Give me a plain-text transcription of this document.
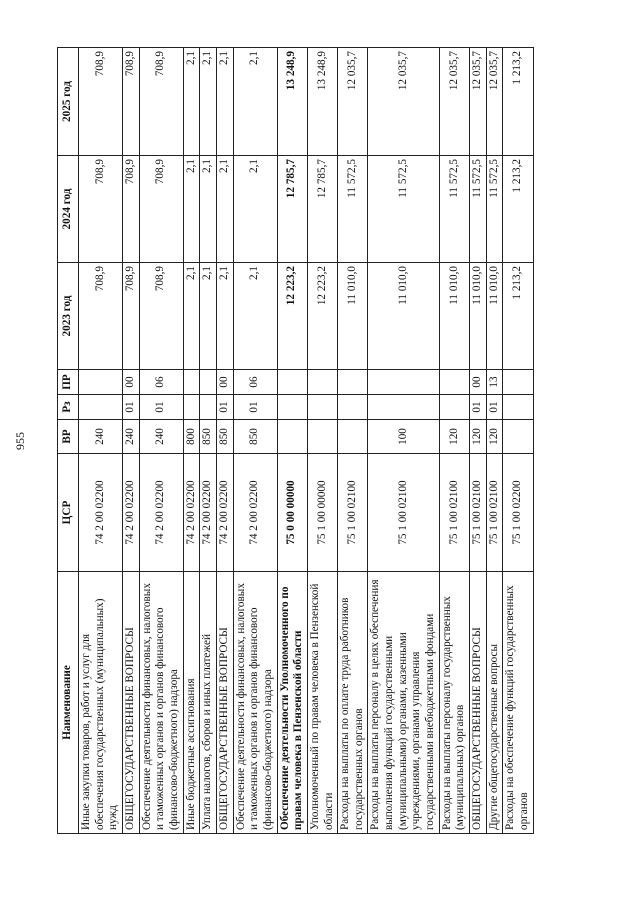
955
Наименование	ЦСР	ВР	Рз	ПР	2023 год	2024 год	2025 год
Иные закупки товаров, работ и услуг для обеспечения государственных (муниципальных) нужд	74 2 00 02200	240			708,9	708,9	708,9
ОБЩЕГОСУДАРСТВЕННЫЕ ВОПРОСЫ	74 2 00 02200	240	01	00	708,9	708,9	708,9
Обеспечение деятельности финансовых, налоговых и таможенных органов и органов финансового (финансово-бюджетного) надзора	74 2 00 02200	240	01	06	708,9	708,9	708,9
Иные бюджетные ассигнования	74 2 00 02200	800			2,1	2,1	2,1
Уплата налогов, сборов и иных платежей	74 2 00 02200	850			2,1	2,1	2,1
ОБЩЕГОСУДАРСТВЕННЫЕ ВОПРОСЫ	74 2 00 02200	850	01	00	2,1	2,1	2,1
Обеспечение деятельности финансовых, налоговых и таможенных органов и органов финансового (финансово-бюджетного) надзора	74 2 00 02200	850	01	06	2,1	2,1	2,1
Обеспечение деятельности Уполномоченного по правам человека в Пензенской области	75 0 00 00000				12 223,2	12 785,7	13 248,9
Уполномоченный по правам человека в Пензенской области	75 1 00 00000				12 223,2	12 785,7	13 248,9
Расходы на выплаты по оплате труда работников государственных органов	75 1 00 02100				11 010,0	11 572,5	12 035,7
Расходы на выплаты персоналу в целях обеспечения выполнения функций государственными (муниципальными) органами, казенными учреждениями, органами управления государственными внебюджетными фондами	75 1 00 02100	100			11 010,0	11 572,5	12 035,7
Расходы на выплаты персоналу государственных (муниципальных) органов	75 1 00 02100	120			11 010,0	11 572,5	12 035,7
ОБЩЕГОСУДАРСТВЕННЫЕ ВОПРОСЫ	75 1 00 02100	120	01	00	11 010,0	11 572,5	12 035,7
Другие общегосударственные вопросы	75 1 00 02100	120	01	13	11 010,0	11 572,5	12 035,7
Расходы на обеспечение функций государственных органов	75 1 00 02200				1 213,2	1 213,2	1 213,2
